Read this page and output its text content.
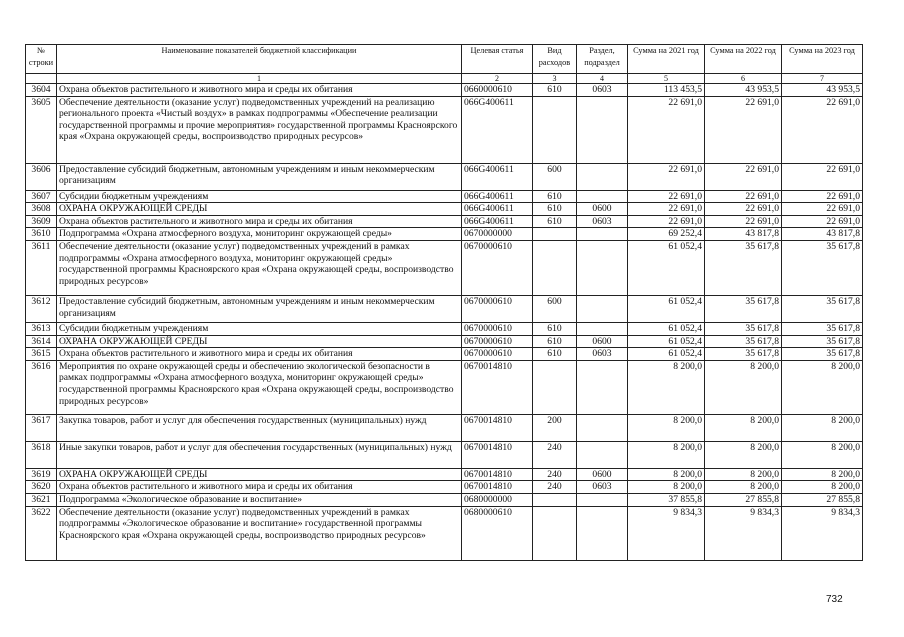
№ строки	Наименование показателей бюджетной классификации	Целевая статья	Вид расходов	Раздел, подраздел	Сумма на 2021 год	Сумма на 2022 год	Сумма на 2023 год
	1	2	3	4	5	6	7
3604	Охрана объектов растительного и животного мира и среды их обитания	0660000610	610	0603	113 453,5	43 953,5	43 953,5
3605	Обеспечение деятельности (оказание услуг) подведомственных учреждений на реализацию регионального проекта «Чистый воздух» в рамках подпрограммы «Обеспечение реализации государственной программы и прочие мероприятия» государственной программы Красноярского края «Охрана окружающей среды, воспроизводство природных ресурсов»	066G400611			22 691,0	22 691,0	22 691,0
3606	Предоставление субсидий бюджетным, автономным учреждениям и иным некоммерческим организациям	066G400611	600		22 691,0	22 691,0	22 691,0
3607	Субсидии бюджетным учреждениям	066G400611	610		22 691,0	22 691,0	22 691,0
3608	ОХРАНА ОКРУЖАЮЩЕЙ СРЕДЫ	066G400611	610	0600	22 691,0	22 691,0	22 691,0
3609	Охрана объектов растительного и животного мира и среды их обитания	066G400611	610	0603	22 691,0	22 691,0	22 691,0
3610	Подпрограмма «Охрана атмосферного воздуха, мониторинг окружающей среды»	0670000000			69 252,4	43 817,8	43 817,8
3611	Обеспечение деятельности (оказание услуг) подведомственных учреждений в рамках подпрограммы «Охрана атмосферного воздуха, мониторинг окружающей среды» государственной программы Красноярского края «Охрана окружающей среды, воспроизводство природных ресурсов»	0670000610			61 052,4	35 617,8	35 617,8
3612	Предоставление субсидий бюджетным, автономным учреждениям и иным некоммерческим организациям	0670000610	600		61 052,4	35 617,8	35 617,8
3613	Субсидии бюджетным учреждениям	0670000610	610		61 052,4	35 617,8	35 617,8
3614	ОХРАНА ОКРУЖАЮЩЕЙ СРЕДЫ	0670000610	610	0600	61 052,4	35 617,8	35 617,8
3615	Охрана объектов растительного и животного мира и среды их обитания	0670000610	610	0603	61 052,4	35 617,8	35 617,8
3616	Мероприятия по охране окружающей среды и обеспечению экологической безопасности в рамках подпрограммы «Охрана атмосферного воздуха, мониторинг окружающей среды» государственной программы Красноярского края «Охрана окружающей среды, воспроизводство природных ресурсов»	0670014810			8 200,0	8 200,0	8 200,0
3617	Закупка товаров, работ и услуг для обеспечения государственных (муниципальных) нужд	0670014810	200		8 200,0	8 200,0	8 200,0
3618	Иные закупки товаров, работ и услуг для обеспечения государственных (муниципальных) нужд	0670014810	240		8 200,0	8 200,0	8 200,0
3619	ОХРАНА ОКРУЖАЮЩЕЙ СРЕДЫ	0670014810	240	0600	8 200,0	8 200,0	8 200,0
3620	Охрана объектов растительного и животного мира и среды их обитания	0670014810	240	0603	8 200,0	8 200,0	8 200,0
3621	Подпрограмма «Экологическое образование и воспитание»	0680000000			37 855,8	27 855,8	27 855,8
3622	Обеспечение деятельности (оказание услуг) подведомственных учреждений в рамках подпрограммы «Экологическое образование и воспитание» государственной программы Красноярского края «Охрана окружающей среды, воспроизводство природных ресурсов»	0680000610			9 834,3	9 834,3	9 834,3
732
